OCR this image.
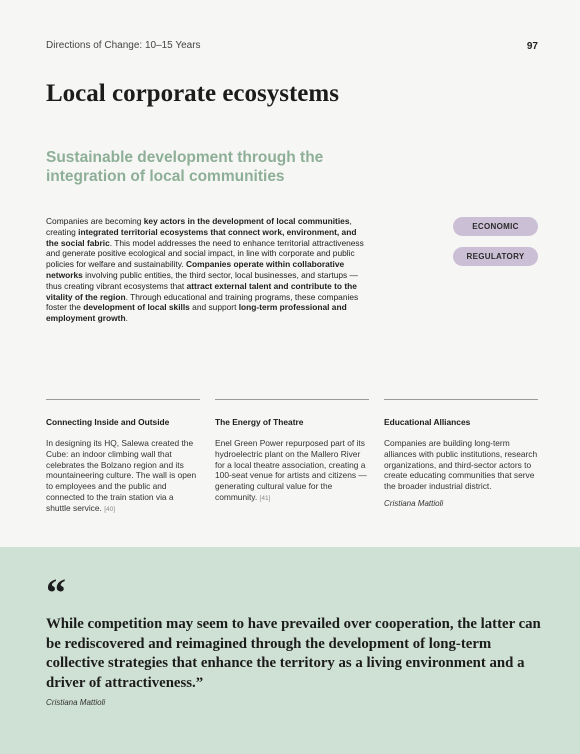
Directions of Change: 10–15 Years	97
Local corporate ecosystems
Sustainable development through the integration of local communities

Companies are becoming key actors in the development of local communities, creating integrated territorial ecosystems that connect work, environment, and the social fabric. This model addresses the need to enhance territorial attractiveness and generate positive ecological and social impact, in line with corporate and public policies for welfare and sustainability. Companies operate within collaborative networks involving public entities, the third sector, local businesses, and startups — thus creating vibrant ecosystems that attract external talent and contribute to the vitality of the region. Through educational and training programs, these companies foster the development of local skills and support long-term professional and employment growth.

ECONOMIC
REGULATORY
Connecting Inside and Outside

In designing its HQ, Salewa created the Cube: an indoor climbing wall that celebrates the Bolzano region and its mountaineering culture. The wall is open to employees and the public and connected to the train station via a shuttle service. [40]

The Energy of Theatre

Enel Green Power repurposed part of its hydroelectric plant on the Mallero River for a local theatre association, creating a 100-seat venue for artists and citizens — generating cultural value for the community. [41]

Educational Alliances

Companies are building long-term alliances with public institutions, research organizations, and third-sector actors to create educating communities that serve the broader industrial district.

Cristiana Mattioli
“

While competition may seem to have prevailed over cooperation, the latter can be rediscovered and reimagined through the development of long-term collective strategies that enhance the territory as a living environment and a driver of attractiveness.”

Cristiana Mattioli
